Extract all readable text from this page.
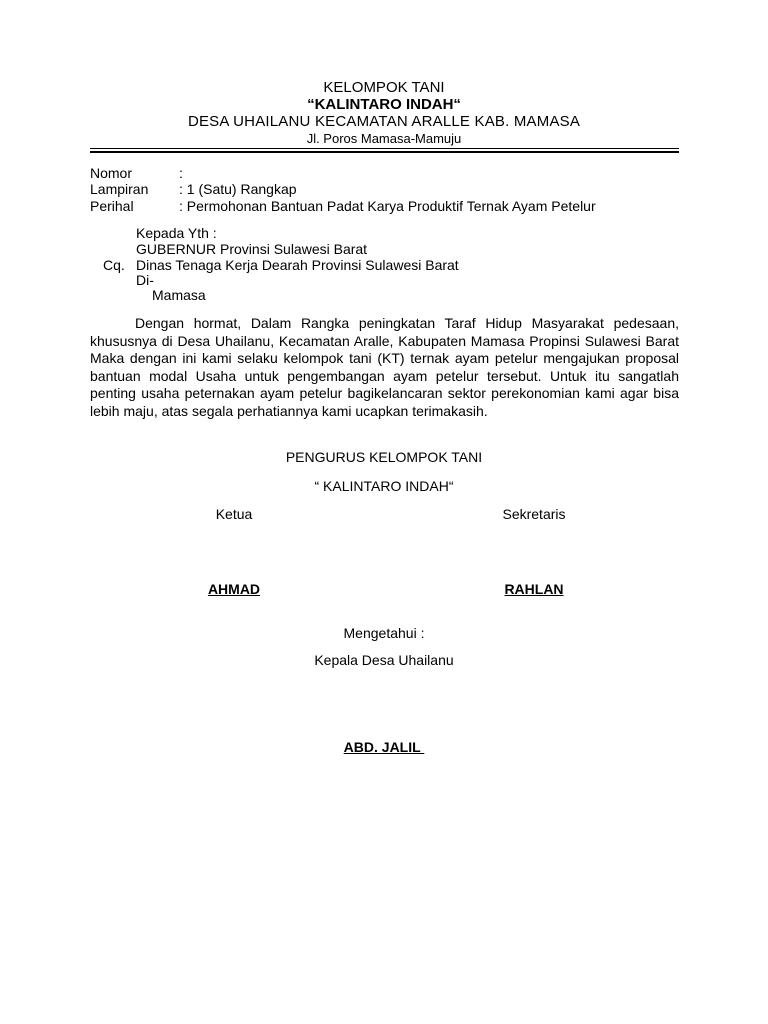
KELOMPOK TANI
“KALINTARO INDAH“
DESA UHAILANU KECAMATAN ARALLE KAB. MAMASA
Jl. Poros Mamasa-Mamuju
Nomor	:
Lampiran : 1 (Satu) Rangkap
Perihal	: Permohonan Bantuan Padat Karya Produktif Ternak Ayam Petelur
Kepada Yth :
GUBERNUR Provinsi Sulawesi Barat
Cq. Dinas Tenaga Kerja Dearah Provinsi Sulawesi Barat
Di-
Mamasa

Dengan hormat, Dalam Rangka peningkatan Taraf Hidup Masyarakat pedesaan, khususnya di Desa Uhailanu, Kecamatan Aralle, Kabupaten Mamasa Propinsi Sulawesi Barat Maka dengan ini kami selaku kelompok tani (KT) ternak ayam petelur mengajukan proposal bantuan modal Usaha untuk pengembangan ayam petelur tersebut. Untuk itu sangatlah penting usaha peternakan ayam petelur bagikelancaran sektor perekonomian kami agar bisa lebih maju, atas segala perhatiannya kami ucapkan terimakasih.

PENGURUS KELOMPOK TANI
“ KALINTARO INDAH“
Ketua	Sekretaris
AHMAD	RAHLAN
Mengetahui :
Kepala Desa Uhailanu
ABD. JALIL
